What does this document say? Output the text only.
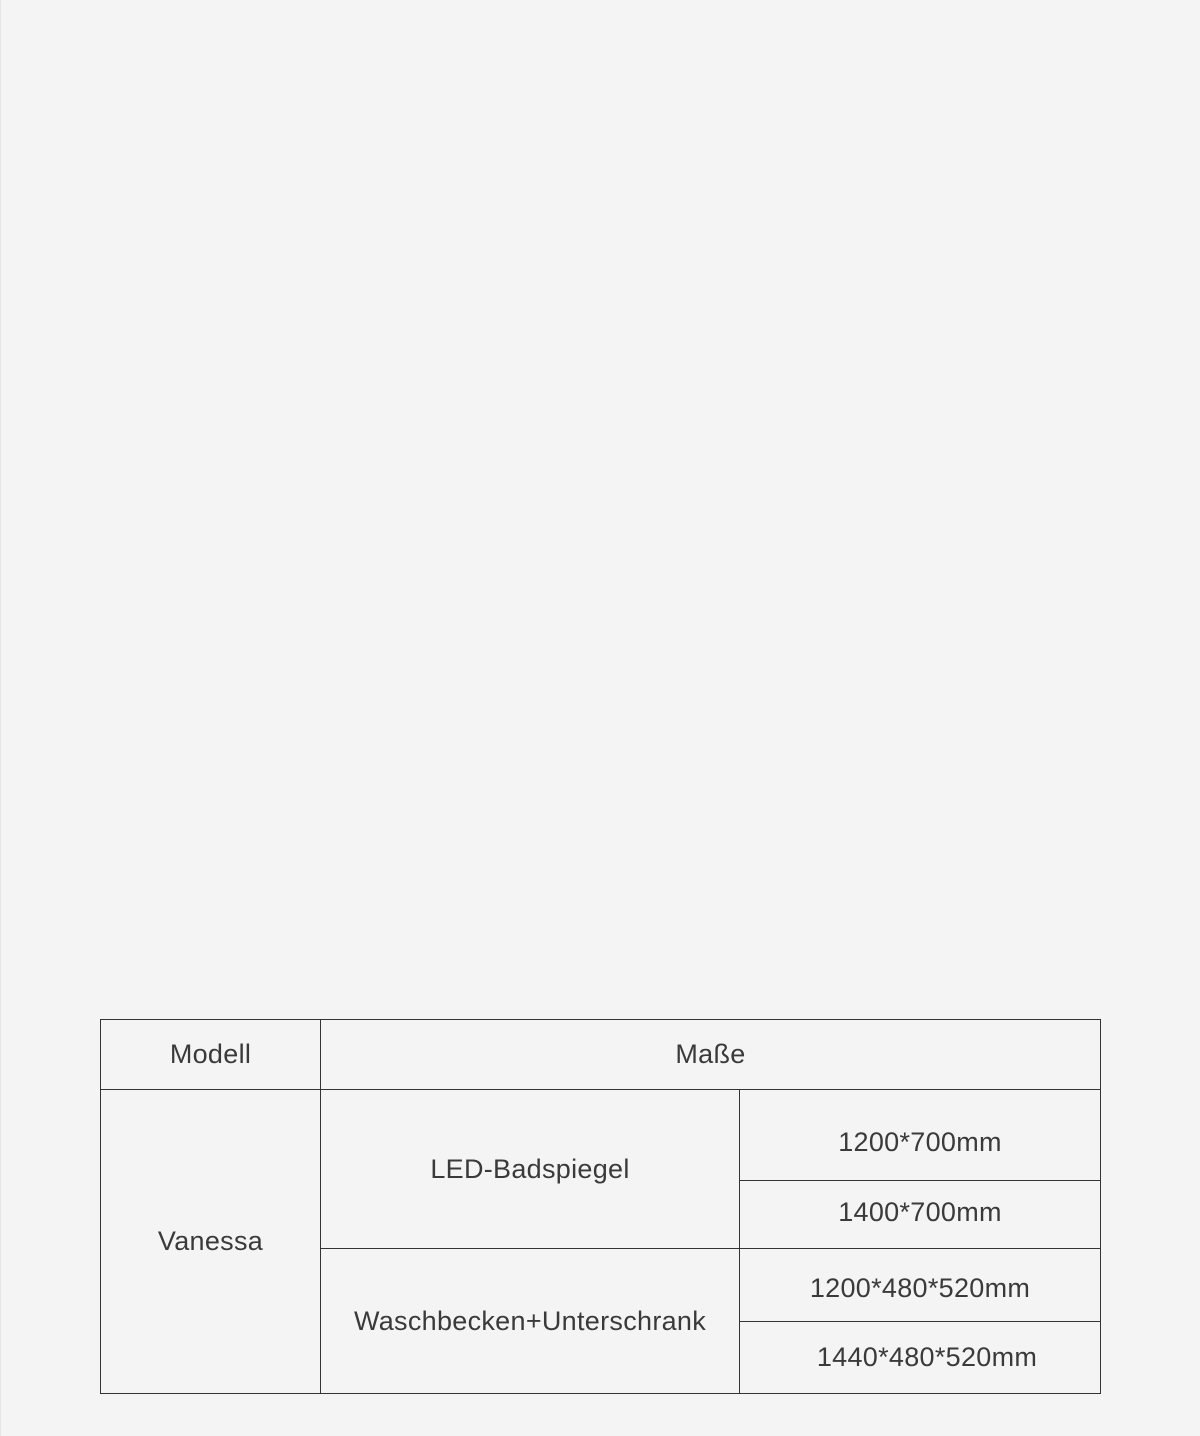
Modell	Maße	
Vanessa	LED-Badspiegel	1200*700mm
		1400*700mm
	Waschbecken+Unterschrank	1200*480*520mm
		1440*480*520mm
